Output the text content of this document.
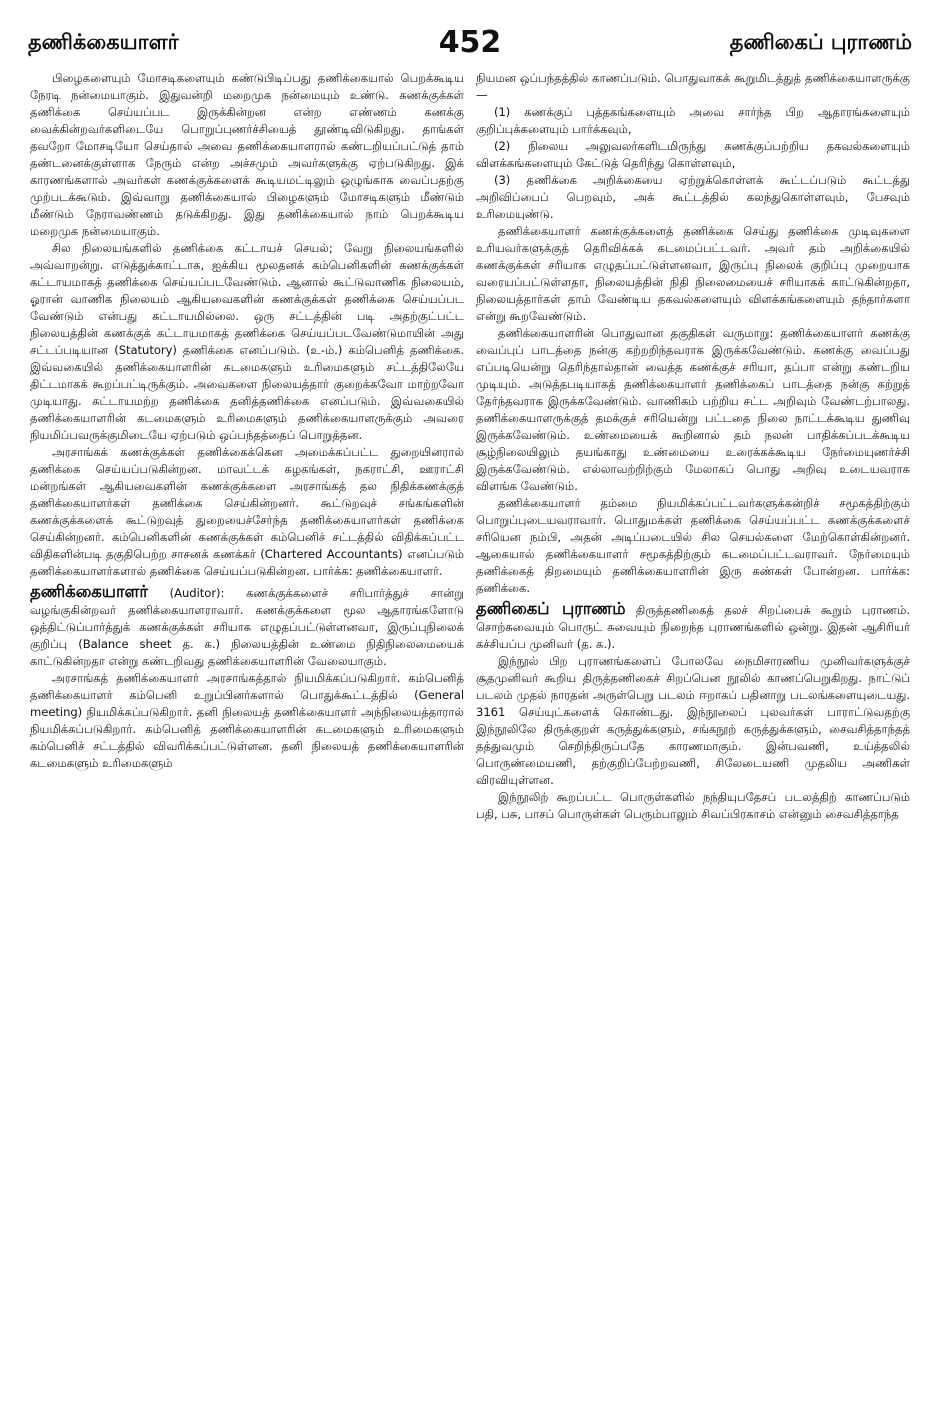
தணிக்கையாளர்	452	தணிகைப் புராணம்

பிழைகளையும் மோசடிகளையும் கண்டுபிடிப்பது தணிக்கையால் பெறக்கூடிய நேரடி நன்மையாகும். இதுவன்றி மறைமுக நன்மையும் உண்டு. கணக்குக்கள் தணிக்கை செய்யப்பட இருக்கின்றன என்ற எண்ணம் கணக்கு வைக்கின்றவர்களிடையே பொறுப்புணர்ச்சியைத் தூண்டிவிடுகிறது. தாங்கள் தவறோ மோசடியோ செய்தால் அவை தணிக்கையாளரால் கண்டறியப்பட்டுத் தாம் தண்டனைக்குள்ளாக நேரும் என்ற அச்சமும் அவர்களுக்கு ஏற்படுகிறது. இக் காரணங்களால் அவர்கள் கணக்குக்களைக் கூடியமட்டிலும் ஒழுங்காக வைப்பதற்கு முற்படக்கூடும். இவ்வாறு தணிக்கையால் பிழைகளும் மோசடிகளும் மீண்டும் மீண்டும் நேராவண்ணம் தடுக்கிறது. இது தணிக்கையால் நாம் பெறக்கூடிய மறைமுக நன்மையாகும்.

சில நிலையங்களில் தணிக்கை கட்டாயச் செயல்; வேறு நிலையங்களில் அவ்வாறன்று. எடுத்துக்காட்டாக, ஐக்கிய மூலதனக் கம்பெனிகளின் கணக்குக்கள் கட்டாயமாகத் தணிக்கை செய்யப்படவேண்டும். ஆனால் கூட்டுவாணிக நிலையம், ஓரான் வாணிக நிலையம் ஆகியவைகளின் கணக்குக்கள் தணிக்கை செய்யப்பட வேண்டும் என்பது கட்டாயமில்லை. ஒரு சட்டத்தின் படி அதற்குட்பட்ட நிலையத்தின் கணக்குக் கட்டாயமாகத் தணிக்கை செய்யப்படவேண்டுமாயின் அது சட்டப்படியான (Statutory) தணிக்கை எனப்படும். (உ-ம்.) கம்பெனித் தணிக்கை. இவ்வகையில் தணிக்கையாளரின் கடமைகளும் உரிமைகளும் சட்டத்திலேயே திட்டமாகக் கூறப்பட்டிருக்கும். அவைகளை நிலையத்தார் குறைக்கவோ மாற்றவோ முடியாது. கட்டாயமற்ற தணிக்கை தனித்தணிக்கை எனப்படும். இவ்வகையில் தணிக்கையாளரின் கடமைகளும் உரிமைகளும் தணிக்கையாளருக்கும் அவரை நியமிப்பவருக்குமிடையே ஏற்படும் ஒப்பந்தத்தைப் பொறுத்தன.

அரசாங்கக் கணக்குக்கள் தணிக்கைக்கென அமைக்கப்பட்ட துறையினரால் தணிக்கை செய்யப்படுகின்றன. மாவட்டக் கழகங்கள், நகராட்சி, ஊராட்சி மன்றங்கள் ஆகியவைகளின் கணக்குக்களை அரசாங்கத் தல நிதிக்கணக்குத் தணிக்கையாளர்கள் தணிக்கை செய்கின்றனர். கூட்டுறவுச் சங்கங்களின் கணக்குக்களைக் கூட்டுறவுத் துறையைச்சேர்ந்த தணிக்கையாளர்கள் தணிக்கை செய்கின்றனர். கம்பெனிகளின் கணக்குக்கள் கம்பெனிச் சட்டத்தில் விதிக்கப்பட்ட விதிகளின்படி தகுதிபெற்ற சாசனக் கணக்கர் (Chartered Accountants) எனப்படும் தணிக்கையாளர்களால் தணிக்கை செய்யப்படுகின்றன. பார்க்க: தணிக்கையாளர்.

தணிக்கையாளர் (Auditor): கணக்குக்களைச் சரிபார்த்துச் சான்று வழங்குகின்றவர் தணிக்கையாளராவார். கணக்குக்களை மூல ஆதாரங்களோடு ஒத்திட்டுப்பார்த்துக் கணக்குக்கள் சரியாக எழுதப்பட்டுள்ளனவா, இருப்புநிலைக் குறிப்பு (Balance sheet த. க.) நிலையத்தின் உண்மை நிதிநிலைமையைக் காட்டுகின்றதா என்று கண்டறிவது தணிக்கையாளரின் வேலையாகும்.

அரசாங்கத் தணிக்கையாளர் அரசாங்கத்தால் நியமிக்கப்படுகிறார். கம்பெனித் தணிக்கையாளர் கம்பெனி உறுப்பினர்களால் பொதுக்கூட்டத்தில் (General meeting) நியமிக்கப்படுகிறார். தனி நிலையத் தணிக்கையாளர் அந்நிலையத்தாரால் நியமிக்கப்படுகிறார். கம்பெனித் தணிக்கையாளரின் கடமைகளும் உரிமைகளும் கம்பெனிச் சட்டத்தில் விவரிக்கப்பட்டுள்ளன. தனி நிலையத் தணிக்கையாளரின் கடமைகளும் உரிமைகளும்

நியமன ஒப்பந்தத்தில் காணப்படும். பொதுவாகக் கூறுமிடத்துத் தணிக்கையாளருக்கு —

(1) கணக்குப் புத்தகங்களையும் அவை சார்ந்த பிற ஆதாரங்களையும் குறிப்புக்களையும் பார்க்கவும்,

(2) நிலைய அலுவலர்களிடமிருந்து கணக்குப்பற்றிய தகவல்களையும் விளக்கங்களையும் கேட்டுத் தெரிந்து கொள்ளவும்,

(3) தணிக்கை அறிக்கையை ஏற்றுக்கொள்ளக் கூட்டப்படும் கூட்டத்து அறிவிப்பைப் பெறவும், அக் கூட்டத்தில் கலந்துகொள்ளவும், பேசவும் உரிமையுண்டு.

தணிக்கையாளர் கணக்குக்களைத் தணிக்கை செய்து தணிக்கை முடிவுகளை உரியவர்களுக்குத் தெரிவிக்கக் கடமைப்பட்டவர். அவர் தம் அறிக்கையில் கணக்குக்கள் சரியாக எழுதப்பட்டுள்ளனவா, இருப்பு நிலைக் குறிப்பு முறையாக வரையப்பட்டுள்ளதா, நிலையத்தின் நிதி நிலைமையைச் சரியாகக் காட்டுகின்றதா, நிலையத்தார்கள் தாம் வேண்டிய தகவல்களையும் விளக்கங்களையும் தந்தார்களா என்று கூறவேண்டும்.

தணிக்கையாளரின் பொதுவான தகுதிகள் வருமாறு: தணிக்கையாளர் கணக்கு வைப்புப் பாடத்தை நன்கு கற்றறிந்தவராக இருக்கவேண்டும். கணக்கு வைப்பது எப்படியென்று தெரிந்தால்தான் வைத்த கணக்குச் சரியா, தப்பா என்று கண்டறிய முடியும். அடுத்தபடியாகத் தணிக்கையாளர் தணிக்கைப் பாடத்தை நன்கு கற்றுத் தேர்ந்தவராக இருக்கவேண்டும். வாணிகம் பற்றிய சட்ட அறிவும் வேண்டற்பாலது. தணிக்கையாளருக்குத் தமக்குச் சரியென்று பட்டதை நிலை நாட்டக்கூடிய துணிவு இருக்கவேண்டும். உண்மையைக் கூறினால் தம் நலன் பாதிக்கப்படக்கூடிய சூழ்நிலையிலும் தயங்காது உண்மையை உரைக்கக்கூடிய நேர்மையுணர்ச்சி இருக்கவேண்டும். எல்லாவற்றிற்கும் மேலாகப் பொது அறிவு உடையவராக விளங்க வேண்டும்.

தணிக்கையாளர் தம்மை நியமிக்கப்பட்டவர்களுக்கன்றிச் சமூகத்திற்கும் பொறுப்புடையவராவார். பொதுமக்கள் தணிக்கை செய்யப்பட்ட கணக்குக்களைச் சரியென நம்பி, அதன் அடிப்படையில் சில செயல்களை மேற்கொள்கின்றனர். ஆகையால் தணிக்கையாளர் சமூகத்திற்கும் கடமைப்பட்டவராவர். நேர்மையும் தணிக்கைத் திறமையும் தணிக்கையாளரின் இரு கண்கள் போன்றன. பார்க்க: தணிக்கை.

தணிகைப் புராணம் திருத்தணிகைத் தலச் சிறப்பைக் கூறும் புராணம். சொற்சுவையும் பொருட் சுவையும் நிறைந்த புராணங்களில் ஒன்று. இதன் ஆசிரியர் கச்சியப்ப முனிவர் (த. க.).

இந்நூல் பிற புராணங்களைப் போலவே நைமிசாரணிய முனிவர்களுக்குச் சூதமுனிவர் கூறிய திருத்தணிகைச் சிறப்பென நூலில் காணப்பெறுகிறது. நாட்டுப் படலம் முதல் நாரதன் அருள்பெறு படலம் ஈறாகப் பதினாறு படலங்களையுடையது. 3161 செய்யுட்களைக் கொண்டது. இந்நூலைப் புலவர்கள் பாராட்டுவதற்கு இந்நூலிலே திருக்குறள் கருத்துக்களும், சங்கநூற் கருத்துக்களும், சைவசித்தாந்தத் தத்துவமும் செறிந்திருப்பதே காரணமாகும். இன்பவணி, உய்த்தலில் பொருண்மையணி, தற்குறிப்பேற்றவணி, சிலேடையணி முதலிய அணிகள் விரவியுள்ளன.

இந்நூலிற் கூறப்பட்ட பொருள்களில் நந்தியுபதேசப் படலத்திற் காணப்படும் பதி, பசு, பாசப் பொருள்கள் பெரும்பாலும் சிவப்பிரகாசம் என்னும் சைவசித்தாந்த
